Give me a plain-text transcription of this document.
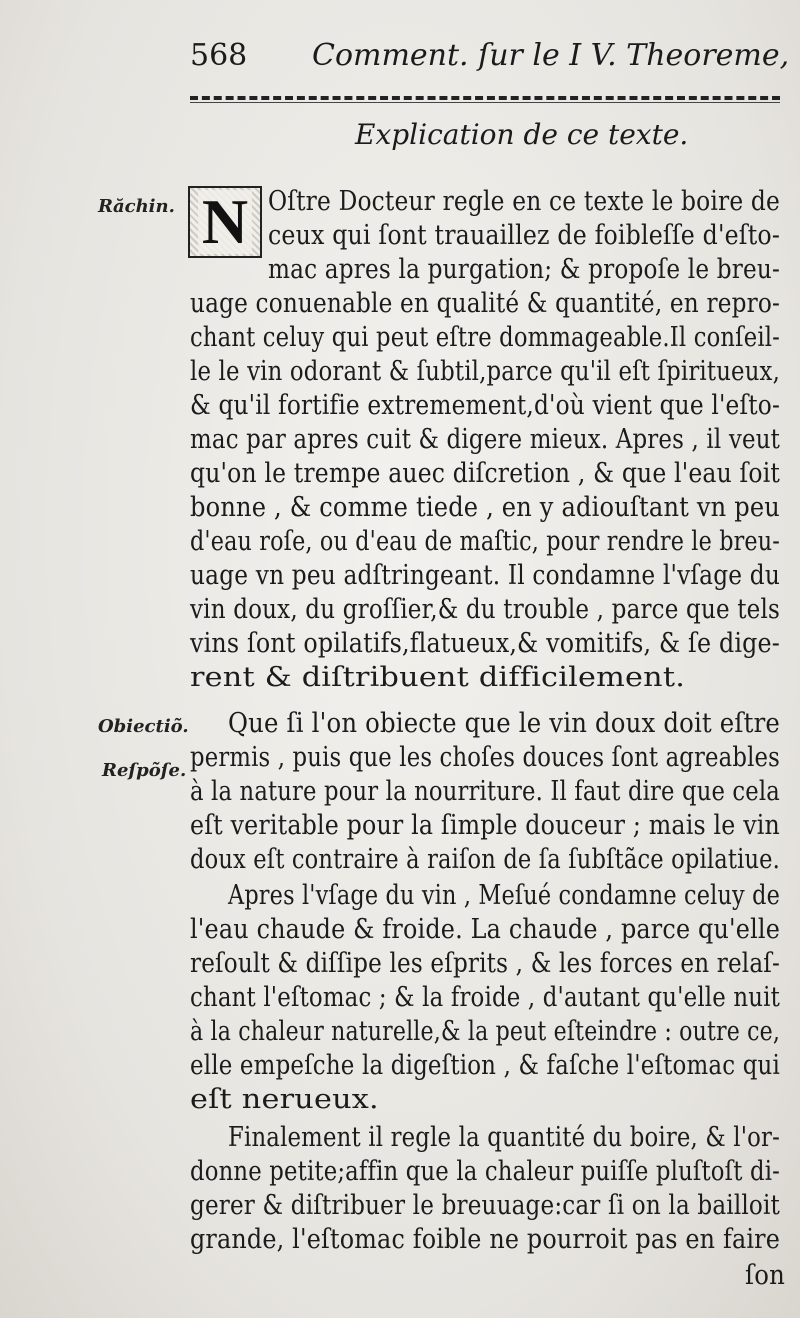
568 Comment. ſur le I V. Theoreme,
Explication de ce texte.
Răchin.
Obiectiõ.
Reſpõſe.
N Oſtre Docteur regle en ce texte le boire de
ceux qui ſont trauaillez de foibleſſe d'eſto-
mac apres la purgation; & propoſe le breu-
uage conuenable en qualité & quantité, en repro-
chant celuy qui peut eſtre dommageable.Il conſeil-
le le vin odorant & ſubtil,parce qu'il eſt ſpiritueux,
& qu'il fortifie extremement,d'où vient que l'eſto-
mac par apres cuit & digere mieux. Apres , il veut
qu'on le trempe auec diſcretion , & que l'eau ſoit
bonne , & comme tiede , en y adiouſtant vn peu
d'eau roſe, ou d'eau de maſtic, pour rendre le breu-
uage vn peu adſtringeant. Il condamne l'vſage du
vin doux, du groſſier,& du trouble , parce que tels
vins ſont opilatifs,flatueux,& vomitifs, & ſe dige-
rent & diſtribuent difficilement.
Que ſi l'on obiecte que le vin doux doit eſtre
permis , puis que les choſes douces ſont agreables
à la nature pour la nourriture. Il faut dire que cela
eſt veritable pour la ſimple douceur ; mais le vin
doux eſt contraire à raiſon de ſa ſubſtãce opilatiue.
Apres l'vſage du vin , Meſué condamne celuy de
l'eau chaude & froide. La chaude , parce qu'elle
reſoult & diſſipe les eſprits , & les forces en relaſ-
chant l'eſtomac ; & la froide , d'autant qu'elle nuit
à la chaleur naturelle,& la peut eſteindre : outre ce,
elle empeſche la digeſtion , & faſche l'eſtomac qui
eſt nerueux.
Finalement il regle la quantité du boire, & l'or-
donne petite;affin que la chaleur puiſſe pluſtoſt di-
gerer & diſtribuer le breuuage:car ſi on la bailloit
grande, l'eſtomac foible ne pourroit pas en faire
ſon
